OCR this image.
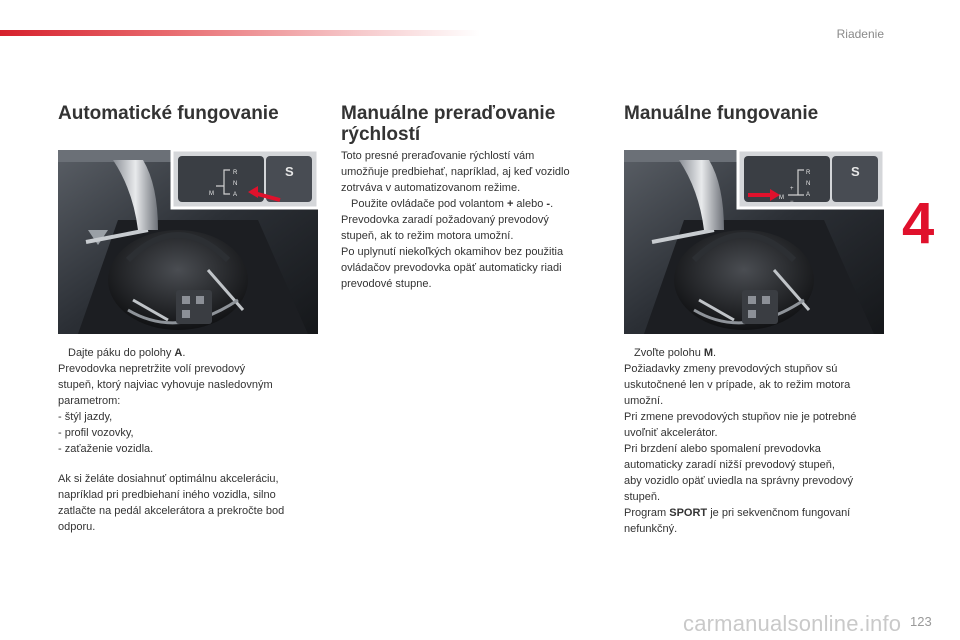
Riadenie
4
Automatické fungovanie
S
R
N
A
M

Dajte páku do polohy A.

Prevodovka nepretržite volí prevodový

stupeň, ktorý najviac vyhovuje nasledovným

parametrom:

- štýl jazdy,

- profil vozovky,

- zaťaženie vozidla.

Ak si želáte dosiahnuť optimálnu akceleráciu,

napríklad pri predbiehaní iného vozidla, silno

zatlačte na pedál akcelerátora a prekročte bod

odporu.

Manuálne preraďovanie
rýchlostí

Toto presné preraďovanie rýchlostí vám

umožňuje predbiehať, napríklad, aj keď vozidlo

zotrváva v automatizovanom režime.

Použite ovládače pod volantom + alebo -.

Prevodovka zaradí požadovaný prevodový

stupeň, ak to režim motora umožní.

Po uplynutí niekoľkých okamihov bez použitia

ovládačov prevodovka opäť automaticky riadi

prevodové stupne.

Manuálne fungovanie
S
R
N
A
M
+
−

Zvoľte polohu M.

Požiadavky zmeny prevodových stupňov sú

uskutočnené len v prípade, ak to režim motora

umožní.

Pri zmene prevodových stupňov nie je potrebné

uvoľniť akcelerátor.

Pri brzdení alebo spomalení prevodovka

automaticky zaradí nižší prevodový stupeň,

aby vozidlo opäť uviedla na správny prevodový

stupeň.

Program SPORT je pri sekvenčnom fungovaní

nefunkčný.

carmanualsonline.info 123
